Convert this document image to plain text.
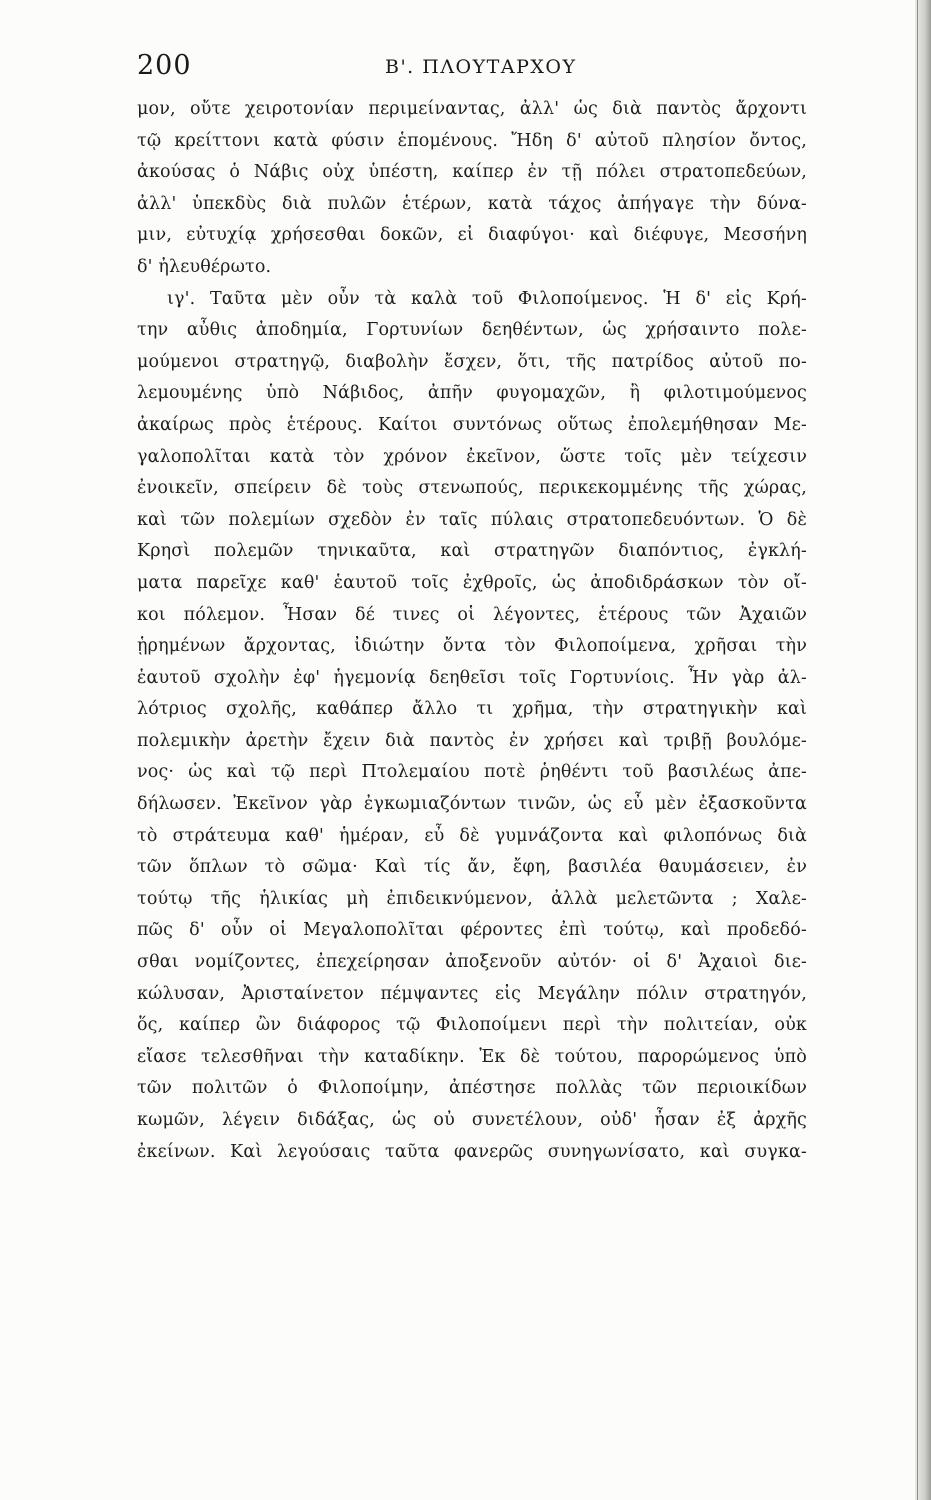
200	Β'. ΠΛΟΥΤΑΡΧΟΥ
μον, οὔτε χειροτονίαν περιμείναντας, ἀλλ' ὡς διὰ παντὸς ἄρχοντι
τῷ κρείττονι κατὰ φύσιν ἑπομένους. Ἤδη δ' αὐτοῦ πλησίον ὄντος,
ἀκούσας ὁ Νάβις οὐχ ὑπέστη, καίπερ ἐν τῇ πόλει στρατοπεδεύων,
ἀλλ' ὑπεκδὺς διὰ πυλῶν ἑτέρων, κατὰ τάχος ἀπήγαγε τὴν δύνα-
μιν, εὐτυχίᾳ χρήσεσθαι δοκῶν, εἰ διαφύγοι· καὶ διέφυγε, Μεσσήνη
δ' ἠλευθέρωτο.
ιγ'. Ταῦτα μὲν οὖν τὰ καλὰ τοῦ Φιλοποίμενος. Ἡ δ' εἰς Κρή-
την αὖθις ἀποδημία, Γορτυνίων δεηθέντων, ὡς χρήσαιντο πολε-
μούμενοι στρατηγῷ, διαβολὴν ἔσχεν, ὅτι, τῆς πατρίδος αὐτοῦ πο-
λεμουμένης ὑπὸ Νάβιδος, ἀπῆν φυγομαχῶν, ἢ φιλοτιμούμενος
ἀκαίρως πρὸς ἑτέρους. Καίτοι συντόνως οὕτως ἐπολεμήθησαν Με-
γαλοπολῖται κατὰ τὸν χρόνον ἐκεῖνον, ὥστε τοῖς μὲν τείχεσιν
ἐνοικεῖν, σπείρειν δὲ τοὺς στενωπούς, περικεκομμένης τῆς χώρας,
καὶ τῶν πολεμίων σχεδὸν ἐν ταῖς πύλαις στρατοπεδευόντων. Ὁ δὲ
Κρησὶ πολεμῶν τηνικαῦτα, καὶ στρατηγῶν διαπόντιος, ἐγκλή-
ματα παρεῖχε καθ' ἑαυτοῦ τοῖς ἐχθροῖς, ὡς ἀποδιδράσκων τὸν οἴ-
κοι πόλεμον. Ἦσαν δέ τινες οἱ λέγοντες, ἑτέρους τῶν Ἀχαιῶν
ᾑρημένων ἄρχοντας, ἰδιώτην ὄντα τὸν Φιλοποίμενα, χρῆσαι τὴν
ἑαυτοῦ σχολὴν ἐφ' ἡγεμονίᾳ δεηθεῖσι τοῖς Γορτυνίοις. Ἦν γὰρ ἀλ-
λότριος σχολῆς, καθάπερ ἄλλο τι χρῆμα, τὴν στρατηγικὴν καὶ
πολεμικὴν ἀρετὴν ἔχειν διὰ παντὸς ἐν χρήσει καὶ τριβῇ βουλόμε-
νος· ὡς καὶ τῷ περὶ Πτολεμαίου ποτὲ ῥηθέντι τοῦ βασιλέως ἀπε-
δήλωσεν. Ἐκεῖνον γὰρ ἐγκωμιαζόντων τινῶν, ὡς εὖ μὲν ἐξασκοῦντα
τὸ στράτευμα καθ' ἡμέραν, εὖ δὲ γυμνάζοντα καὶ φιλοπόνως διὰ
τῶν ὅπλων τὸ σῶμα· Καὶ τίς ἄν, ἔφη, βασιλέα θαυμάσειεν, ἐν
τούτῳ τῆς ἡλικίας μὴ ἐπιδεικνύμενον, ἀλλὰ μελετῶντα ; Χαλε-
πῶς δ' οὖν οἱ Μεγαλοπολῖται φέροντες ἐπὶ τούτῳ, καὶ προδεδό-
σθαι νομίζοντες, ἐπεχείρησαν ἀποξενοῦν αὐτόν· οἱ δ' Ἀχαιοὶ διε-
κώλυσαν, Ἀρισταίνετον πέμψαντες εἰς Μεγάλην πόλιν στρατηγόν,
ὅς, καίπερ ὢν διάφορος τῷ Φιλοποίμενι περὶ τὴν πολιτείαν, οὐκ
εἴασε τελεσθῆναι τὴν καταδίκην. Ἐκ δὲ τούτου, παρορώμενος ὑπὸ
τῶν πολιτῶν ὁ Φιλοποίμην, ἀπέστησε πολλὰς τῶν περιοικίδων
κωμῶν, λέγειν διδάξας, ὡς οὐ συνετέλουν, οὐδ' ἦσαν ἐξ ἀρχῆς
ἐκείνων. Καὶ λεγούσαις ταῦτα φανερῶς συνηγωνίσατο, καὶ συγκα-
